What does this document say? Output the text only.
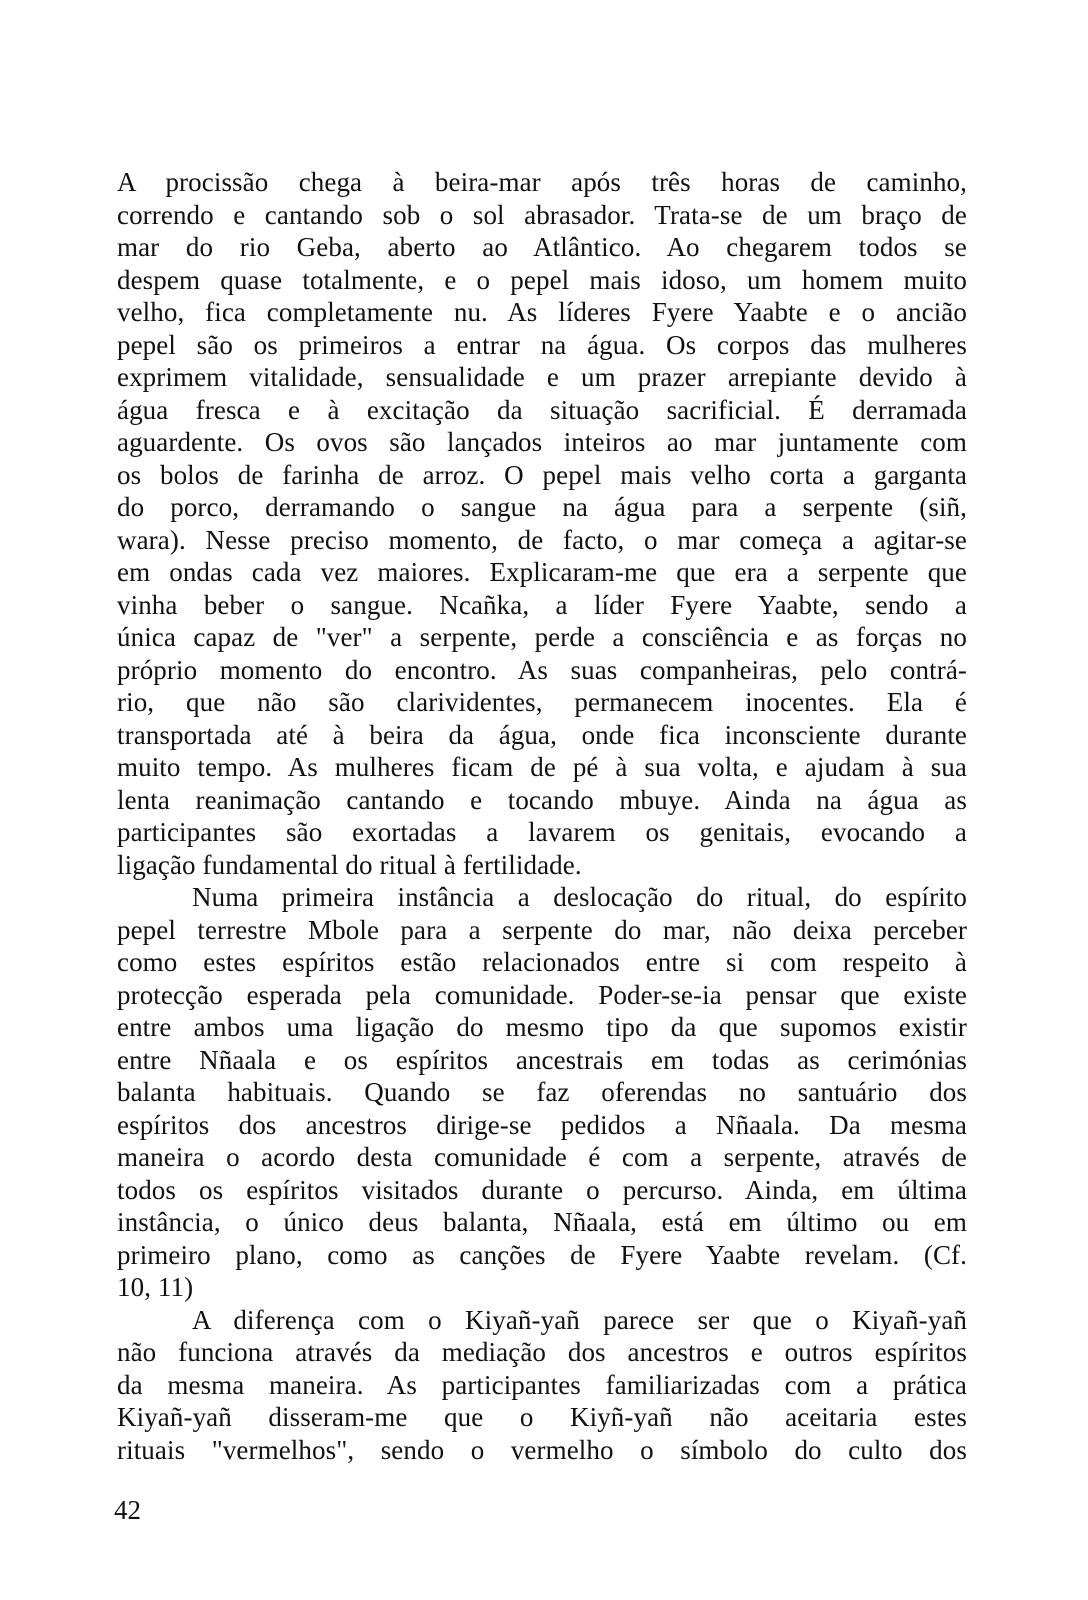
A procissão chega à beira-mar após três horas de caminho,
correndo e cantando sob o sol abrasador. Trata-se de um braço de
mar do rio Geba, aberto ao Atlântico. Ao chegarem todos se
despem quase totalmente, e o pepel mais idoso, um homem muito
velho, fica completamente nu. As líderes Fyere Yaabte e o ancião
pepel são os primeiros a entrar na água. Os corpos das mulheres
exprimem vitalidade, sensualidade e um prazer arrepiante devido à
água fresca e à excitação da situação sacrificial. É derramada
aguardente. Os ovos são lançados inteiros ao mar juntamente com
os bolos de farinha de arroz. O pepel mais velho corta a garganta
do porco, derramando o sangue na água para a serpente (siñ,
wara). Nesse preciso momento, de facto, o mar começa a agitar-se
em ondas cada vez maiores. Explicaram-me que era a serpente que
vinha beber o sangue. Ncañka, a líder Fyere Yaabte, sendo a
única capaz de "ver" a serpente, perde a consciência e as forças no
próprio momento do encontro. As suas companheiras, pelo contrá-
rio, que não são clarividentes, permanecem inocentes. Ela é
transportada até à beira da água, onde fica inconsciente durante
muito tempo. As mulheres ficam de pé à sua volta, e ajudam à sua
lenta reanimação cantando e tocando mbuye. Ainda na água as
participantes são exortadas a lavarem os genitais, evocando a
ligação fundamental do ritual à fertilidade.
Numa primeira instância a deslocação do ritual, do espírito
pepel terrestre Mbole para a serpente do mar, não deixa perceber
como estes espíritos estão relacionados entre si com respeito à
protecção esperada pela comunidade. Poder-se-ia pensar que existe
entre ambos uma ligação do mesmo tipo da que supomos existir
entre Nñaala e os espíritos ancestrais em todas as cerimónias
balanta habituais. Quando se faz oferendas no santuário dos
espíritos dos ancestros dirige-se pedidos a Nñaala. Da mesma
maneira o acordo desta comunidade é com a serpente, através de
todos os espíritos visitados durante o percurso. Ainda, em última
instância, o único deus balanta, Nñaala, está em último ou em
primeiro plano, como as canções de Fyere Yaabte revelam. (Cf.
10, 11)
A diferença com o Kiyañ-yañ parece ser que o Kiyañ-yañ
não funciona através da mediação dos ancestros e outros espíritos
da mesma maneira. As participantes familiarizadas com a prática
Kiyañ-yañ disseram-me que o Kiyñ-yañ não aceitaria estes
rituais "vermelhos", sendo o vermelho o símbolo do culto dos
42
